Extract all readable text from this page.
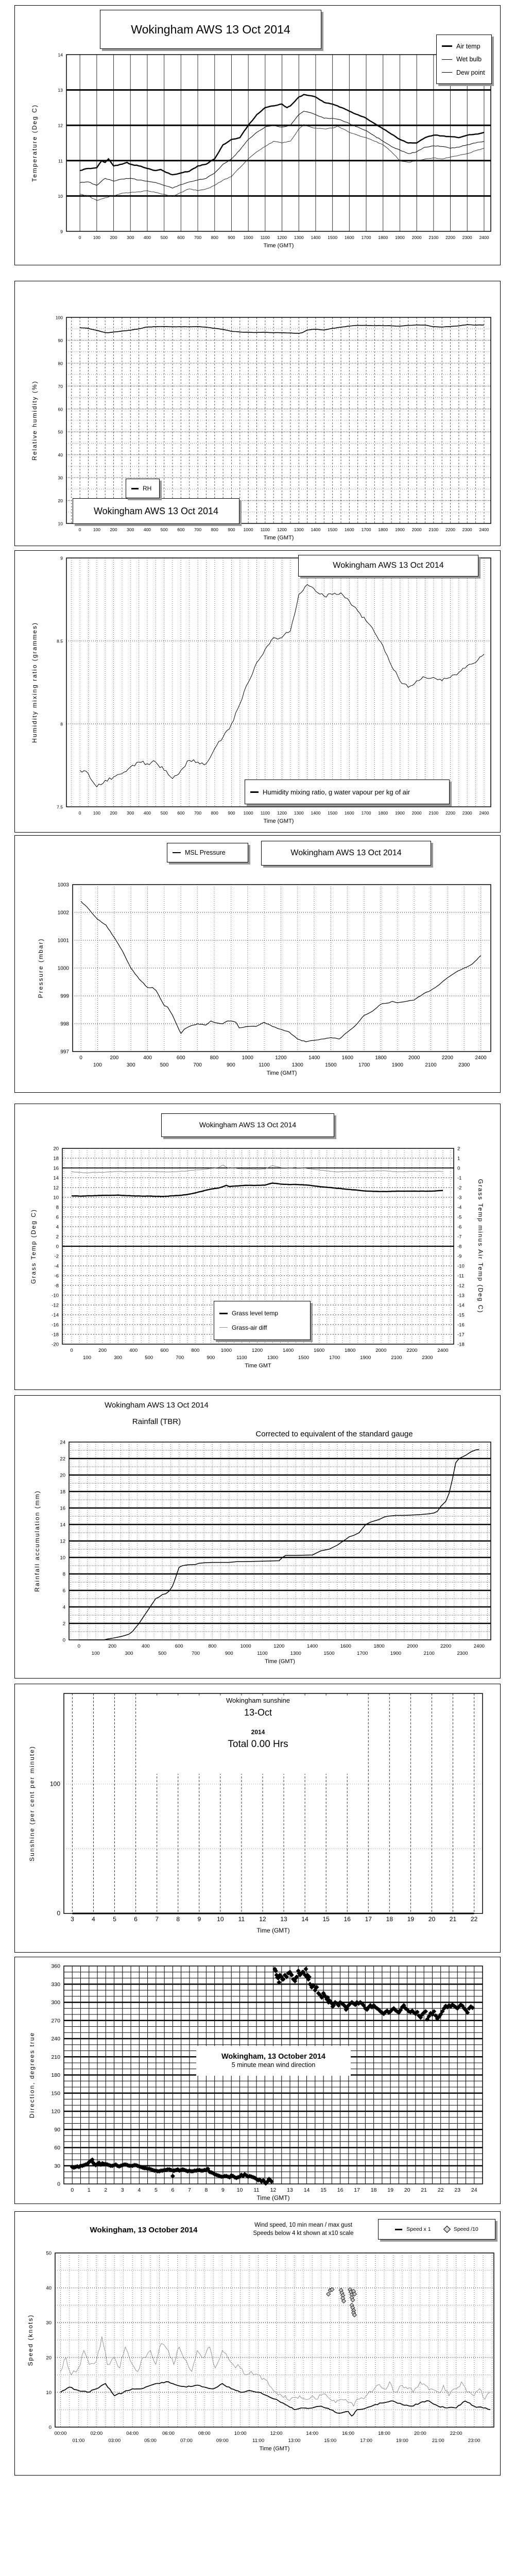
0	100 200 300 400 500 600 700 800 900 1000 1100 1200 1300 1400 1500 1600 1700 1800 1900 2000 2100 2200 2300 2400
Time (GMT)
9
10
11
12
13
14
Temperature (Deg C)
Wokingham AWS 13 Oct 2014
Air temp
Wet bulb
Dew point
0	100 200 300 400 500 600 700 800 900 1000 1100 1200 1300 1400 1500 1600 1700 1800 1900 2000 2100 2200 2300 2400
Time (GMT)
10
20
30
40
50
60
70
80
90
100
Relative humidity (%)
Wokingham AWS 13 Oct 2014
RH
0	100 200 300 400 500 600 700 800 900 1000 1100 1200 1300 1400 1500 1600 1700 1800 1900 2000 2100 2200 2300 2400
Time (GMT)
7.5
8
8.5
9
Humidity mixing ratio (grammes)
Wokingham AWS 13 Oct 2014
Humidity mixing ratio, g water vapour per kg of air
0
100
200
300
400
500
600
700
800
900
1000
1100
1200
1300
1400
1500
1600
1700
1800
1900
2000
2100
2200
2300
2400
Time (GMT)
997
998
999
1000
1001
1002
1003
Pressure (mbar)
Wokingham AWS 13 Oct 2014
MSL Pressure
0
100
200
300
400
500
600
700
800
900
1000
1100
1200
1300
1400
1500
1600
1700
1800
1900
2000
2100
2200
2300
2400
Time GMT
-20
-18
-16
-14
-12
-10
-8
-6
-4
-2
0
2
4
6
8
10
12
14
16
18
20
-18
-17
-16
-15
-14
-13
-12
-11
-10
-9
-8
-7
-6
-5
-4
-3
-2
-1
0
1
2
Grass Temp (Deg C)	Grass Temp minus Air Temp (Deg C)
Wokingham AWS 13 Oct 2014
Grass level temp
Grass-air diff
0
100
200
300
400
500
600
700
800
900
1000
1100
1200
1300
1400
1500
1600
1700
1800
1900
2000
2100
2200
2300
2400
Time (GMT)
0
2
4
6
8
10
12
14
16
18
20
22
24
Rainfall accumulation (mm)
Wokingham AWS 13 Oct 2014
Rainfall (TBR)
Corrected to equivalent of the standard gauge
3	4	5	6	7	8	9	10 11 12 13 14 15 16 17 18 19 20 21 22
Time (GMT)
0
100
Sunshine (per cent per minute)
Wokingham sunshine
13-Oct

2014
Total 0.00 Hrs
0	1	2	3	4	5	6	7	8	9 10 11 12 13 14 15 16 17 18 19 20 21 22 23 24
Time (GMT)
0
30
60
90
120
150
180
210
240
270
300
330
360
Direction, degrees true	Wokingham, 13 October 2014
5 minute mean wind direction
00:00
01:00
02:00
03:00
04:00
05:00
06:00
07:00
08:00
09:00
10:00
11:00
12:00
13:00
14:00
15:00
16:00
17:00
18:00
19:00
20:00
21:00
22:00
23:00
Time (GMT)
0
10
20
30
40
50
Speed (knots)
Wokingham, 13 October 2014
Wind speed, 10 min mean / max gust
Speeds below 4 kt shown at x10 scale
Speed x 1	Speed /10
